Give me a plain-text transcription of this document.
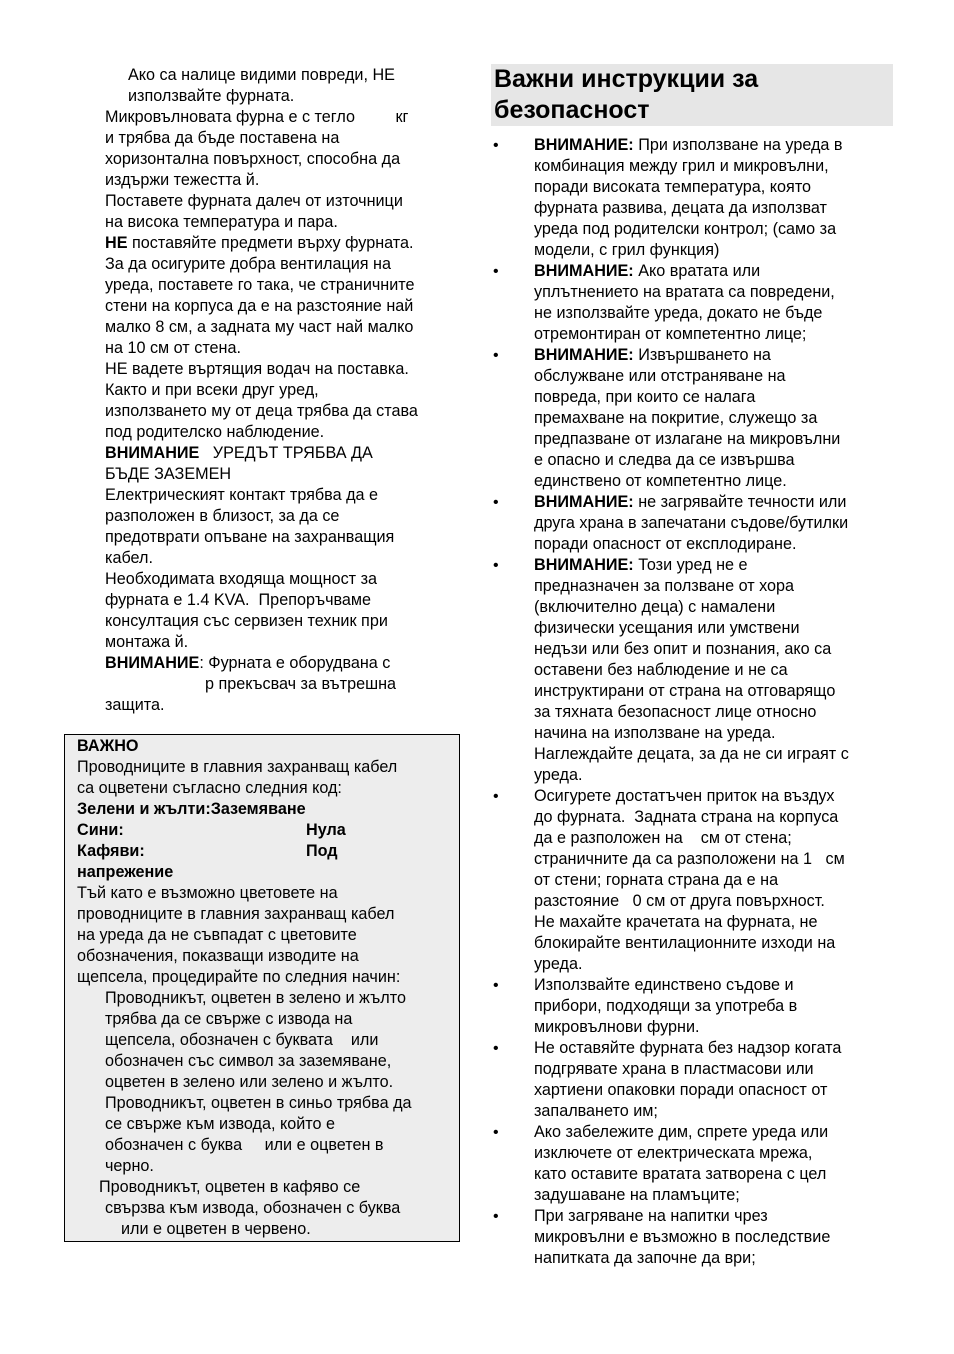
Ако са налице видими повреди, НЕ
използвайте фурната.
Микровълновата фурна е с тегло         кг
и трябва да бъде поставена на
хоризонтална повърхност, способна да
издържи тежестта й.
Поставете фурната далеч от източници
на висока температура и пара.
НЕ поставяйте предмети върху фурната.
За да осигурите добра вентилация на
уреда, поставете го така, че страничните
стени на корпуса да е на разстояние най
малко 8 см, а задната му част най малко
на 10 см от стена.
НЕ вадете въртящия водач на поставка.
Както и при всеки друг уред,
използването му от деца трябва да става
под родителско наблюдение.
ВНИМАНИЕ   УРЕДЪТ ТРЯБВА ДА
БЪДЕ ЗАЗЕМЕН
Електрическият контакт трябва да е
разположен в близост, за да се
предотврати опъване на захранващия
кабел.
Необходимата входяща мощност за
фурната е 1.4 KVA.  Препоръчваме
консултация със сервизен техник при
монтажа й.
ВНИМАНИЕ: Фурната е оборудвана с
р прекъсвач за вътрешна
защита.
Важни инструкции за
безопасност
• ВНИМАНИЕ: При използване на уреда в
комбинация между грил и микровълни,
поради високата температура, която
фурната развива, децата да използват
уреда под родителски контрол; (само за
модели, с грил функция)
• ВНИМАНИЕ: Ако вратата или
уплътнението на вратата са повредени,
не използвайте уреда, докато не бъде
отремонтиран от компетентно лице;
• ВНИМАНИЕ: Извършването на
обслужване или отстраняване на
повреда, при които се налага
премахване на покритие, служещо за
предпазване от излагане на микровълни
е опасно и следва да се извършва
единствено от компетентно лице.
• ВНИМАНИЕ: не загрявайте течности или
друга храна в запечатани съдове/бутилки
поради опасност от експлодиране.
• ВНИМАНИЕ: Този уред не е
предназначен за ползване от хора
(включително деца) с намалени
физически усещания или умствени
недъзи или без опит и познания, ако са
оставени без наблюдение и не са
инструктирани от страна на отговарящо
за тяхната безопасност лице относно
начина на използване на уреда.
Наглеждайте децата, за да не си играят с
уреда.
• Осигурете достатъчен приток на въздух
до фурната.  Задната страна на корпуса
да е разположен на    см от стена;
страничните да са разположени на 1   см
от стени; горната страна да е на
разстояние   0 см от друга повърхност.
Не махайте крачетата на фурната, не
блокирайте вентилационните изходи на
уреда.
• Използвайте единствено съдове и
прибори, подходящи за употреба в
микровълнови фурни.
• Не оставяйте фурната без надзор когата
подгрявате храна в пластмасови или
хартиени опаковки поради опасност от
запалването им;
• Ако забележите дим, спрете уреда или
изключете от електрическата мрежа,
като оставите вратата затворена с цел
задушаване на пламъците;
• При загряване на напитки чрез
микровълни е възможно в последствие
напитката да започне да ври;
ВАЖНО
Проводниците в главния захранващ кабел
са оцветени съгласно следния код:
Зелени и жълти:Заземяване
Сини:	Нула
Кафяви:	Под
напрежение
Тъй като е възможно цветовете на
проводниците в главния захранващ кабел
на уреда да не съвпадат с цветовите
обозначения, показващи изводите на
щепсела, процедирайте по следния начин:
Проводникът, оцветен в зелено и жълто
трябва да се свърже с извода на
щепсела, обозначен с буквата    или
обозначен със символ за заземяване,
оцветен в зелено или зелено и жълто.
Проводникът, оцветен в синьо трябва да
се свърже към извода, който е
обозначен с буква     или е оцветен в
черно.
Проводникът, оцветен в кафяво се
свързва към извода, обозначен с буква
или е оцветен в червено.
